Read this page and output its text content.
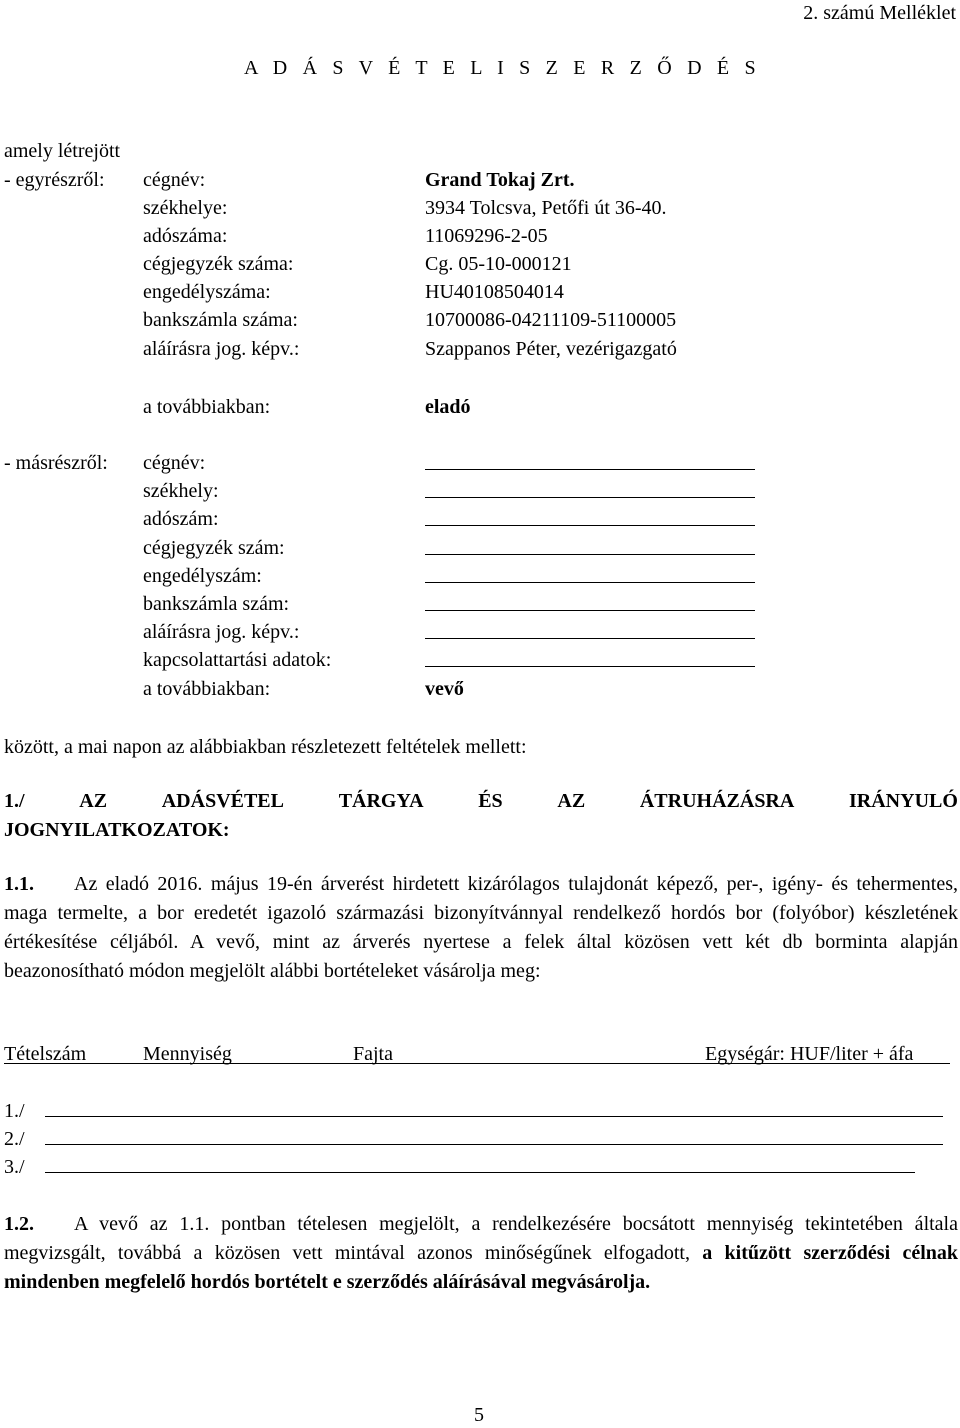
2. számú Melléklet
A D Á S V É T E L I S Z E R Z Ő D É S
amely létrejött
- egyrészről: cégnév:	Grand Tokaj Zrt.
székhelye:	3934 Tolcsva, Petőfi út 36-40.
adószáma:	11069296-2-05
cégjegyzék száma:	Cg. 05-10-000121
engedélyszáma:	HU40108504014
bankszámla száma:	10700086-04211109-51100005
aláírásra jog. képv.:	Szappanos Péter, vezérigazgató
a továbbiakban:	eladó
- másrészről: cégnév:
székhely:
adószám:
cégjegyzék szám:
engedélyszám:
bankszámla szám:
aláírásra jog. képv.:
kapcsolattartási adatok:
a továbbiakban:	vevő
között, a mai napon az alábbiakban részletezett feltételek mellett:
1./	AZ	ADÁSVÉTEL	TÁRGYA	ÉS	AZ	ÁTRUHÁZÁSRA	IRÁNYULÓ
JOGNYILATKOZATOK:
1.1. Az eladó 2016. május 19-én árverést hirdetett kizárólagos tulajdonát képező, per-, igény- és tehermentes, maga termelte, a bor eredetét igazoló származási bizonyítvánnyal rendelkező hordós bor (folyóbor) készletének értékesítése céljából. A vevő, mint az árverés nyertese a felek által közösen vett két db borminta alapján beazonosítható módon megjelölt alábbi bortételeket vásárolja meg:
Tételszám	Mennyiség	Fajta	Egységár: HUF/liter + áfa
1./
2./
3./
1.2. A vevő az 1.1. pontban tételesen megjelölt, a rendelkezésére bocsátott mennyiség tekintetében általa megvizsgált, továbbá a közösen vett mintával azonos minőségűnek elfogadott, a kitűzött szerződési célnak mindenben megfelelő hordós bortételt e szerződés aláírásával megvásárolja.
5
